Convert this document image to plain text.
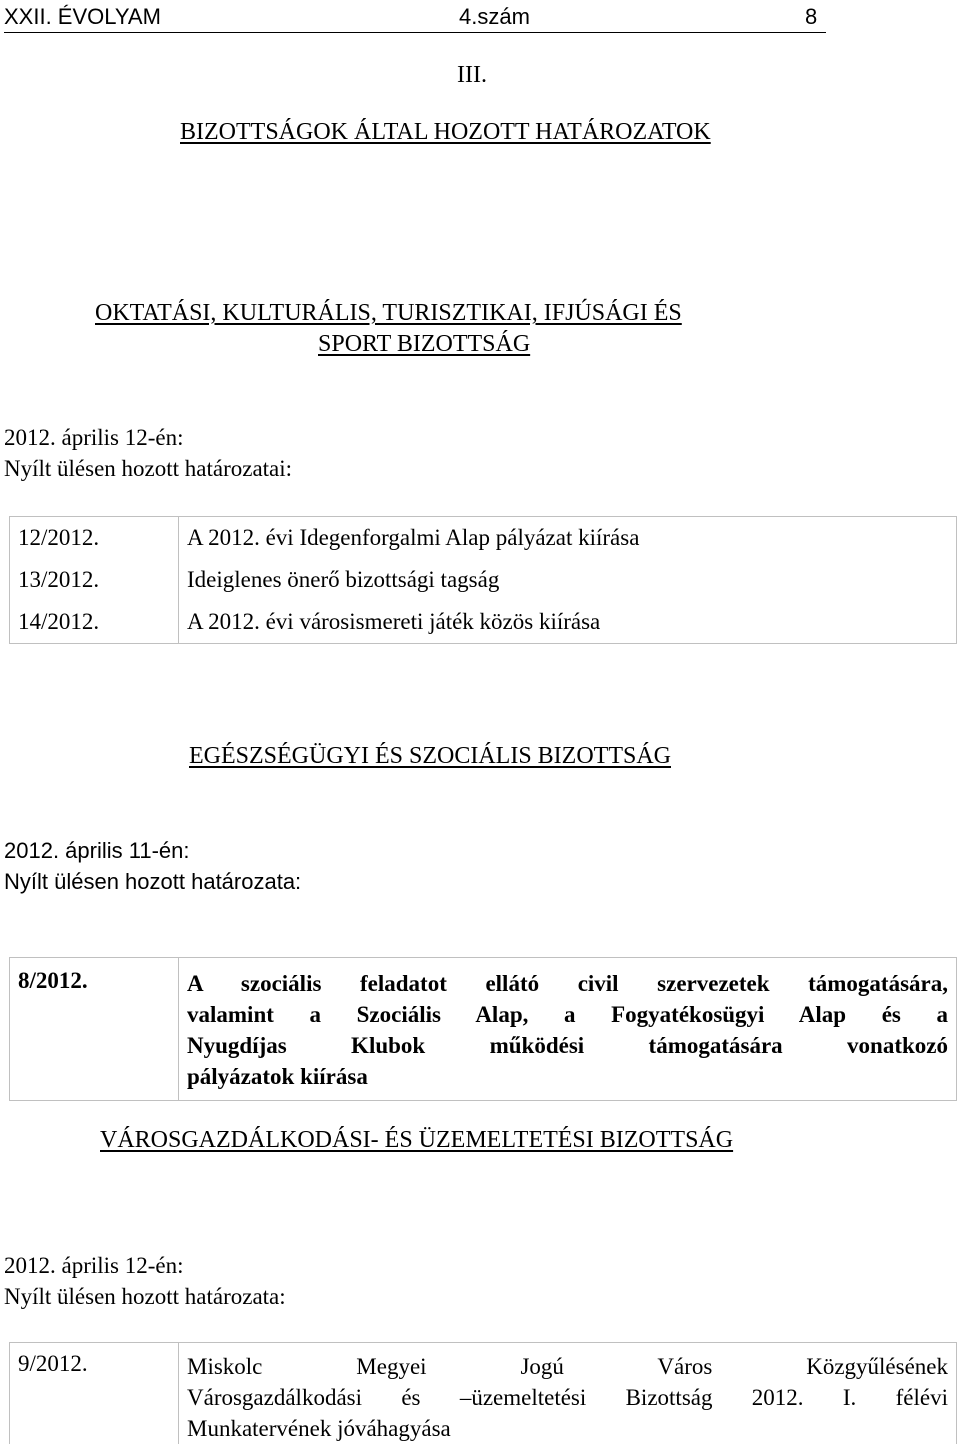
XXII. ÉVOLYAM	4.szám	8
III.
BIZOTTSÁGOK ÁLTAL HOZOTT HATÁROZATOK
OKTATÁSI, KULTURÁLIS, TURISZTIKAI, IFJÚSÁGI ÉS
SPORT BIZOTTSÁG
2012. április 12-én:
Nyílt ülésen hozott határozatai:
12/2012.	A 2012. évi Idegenforgalmi Alap pályázat kiírása
13/2012.	Ideiglenes önerő bizottsági tagság
14/2012.	A 2012. évi városismereti játék közös kiírása
EGÉSZSÉGÜGYI ÉS SZOCIÁLIS BIZOTTSÁG
2012. április 11-én:
Nyílt ülésen hozott határozata:
8/2012.	A szociális feladatot ellátó civil szervezetek támogatására,
valamint a Szociális Alap, a Fogyatékosügyi Alap és a
Nyugdíjas Klubok működési támogatására vonatkozó
pályázatok kiírása
VÁROSGAZDÁLKODÁSI- ÉS ÜZEMELTETÉSI BIZOTTSÁG
2012. április 12-én:
Nyílt ülésen hozott határozata:
9/2012.	Miskolc Megyei Jogú Város Közgyűlésének
Városgazdálkodási és –üzemeltetési Bizottság 2012. I. félévi
Munkatervének jóváhagyása
